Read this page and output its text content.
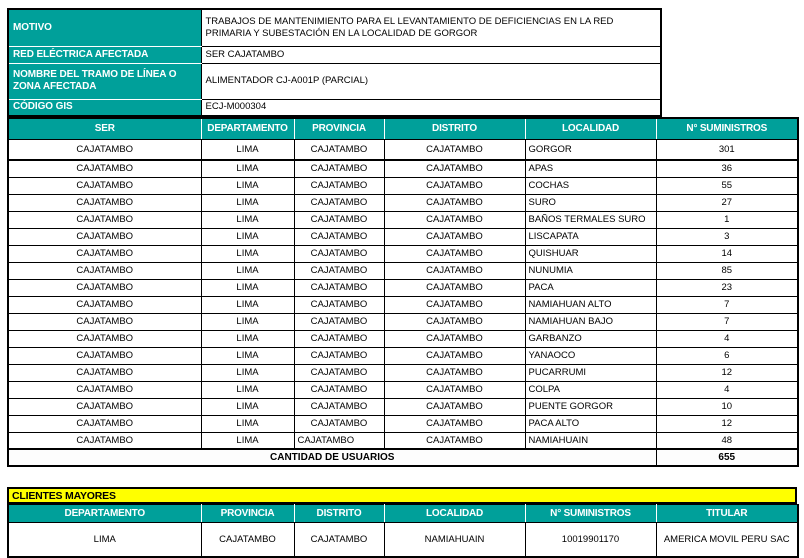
MOTIVO	TRABAJOS DE MANTENIMIENTO PARA EL LEVANTAMIENTO DE DEFICIENCIAS EN LA RED PRIMARIA Y SUBESTACIÓN EN LA LOCALIDAD DE GORGOR
RED ELÉCTRICA AFECTADA	SER CAJATAMBO
NOMBRE DEL TRAMO DE LÍNEA O ZONA AFECTADA	ALIMENTADOR CJ-A001P (PARCIAL)
CÓDIGO GIS	ECJ-M000304
SER	DEPARTAMENTO	PROVINCIA	DISTRITO	LOCALIDAD	N° SUMINISTROS
CAJATAMBO	LIMA	CAJATAMBO	CAJATAMBO	GORGOR	301
CAJATAMBO	LIMA	CAJATAMBO	CAJATAMBO	APAS	36
CAJATAMBO	LIMA	CAJATAMBO	CAJATAMBO	COCHAS	55
CAJATAMBO	LIMA	CAJATAMBO	CAJATAMBO	SURO	27
CAJATAMBO	LIMA	CAJATAMBO	CAJATAMBO	BAÑOS TERMALES SURO	1
CAJATAMBO	LIMA	CAJATAMBO	CAJATAMBO	LISCAPATA	3
CAJATAMBO	LIMA	CAJATAMBO	CAJATAMBO	QUISHUAR	14
CAJATAMBO	LIMA	CAJATAMBO	CAJATAMBO	NUNUMIA	85
CAJATAMBO	LIMA	CAJATAMBO	CAJATAMBO	PACA	23
CAJATAMBO	LIMA	CAJATAMBO	CAJATAMBO	NAMIAHUAN ALTO	7
CAJATAMBO	LIMA	CAJATAMBO	CAJATAMBO	NAMIAHUAN BAJO	7
CAJATAMBO	LIMA	CAJATAMBO	CAJATAMBO	GARBANZO	4
CAJATAMBO	LIMA	CAJATAMBO	CAJATAMBO	YANAOCO	6
CAJATAMBO	LIMA	CAJATAMBO	CAJATAMBO	PUCARRUMI	12
CAJATAMBO	LIMA	CAJATAMBO	CAJATAMBO	COLPA	4
CAJATAMBO	LIMA	CAJATAMBO	CAJATAMBO	PUENTE GORGOR	10
CAJATAMBO	LIMA	CAJATAMBO	CAJATAMBO	PACA ALTO	12
CAJATAMBO	LIMA	CAJATAMBO	CAJATAMBO	NAMIAHUAIN	48
CANTIDAD DE USUARIOS					655
CLIENTES MAYORES
DEPARTAMENTO	PROVINCIA	DISTRITO	LOCALIDAD	N° SUMINISTROS	TITULAR
LIMA	CAJATAMBO	CAJATAMBO	NAMIAHUAIN	10019901170	AMERICA MOVIL PERU SAC
